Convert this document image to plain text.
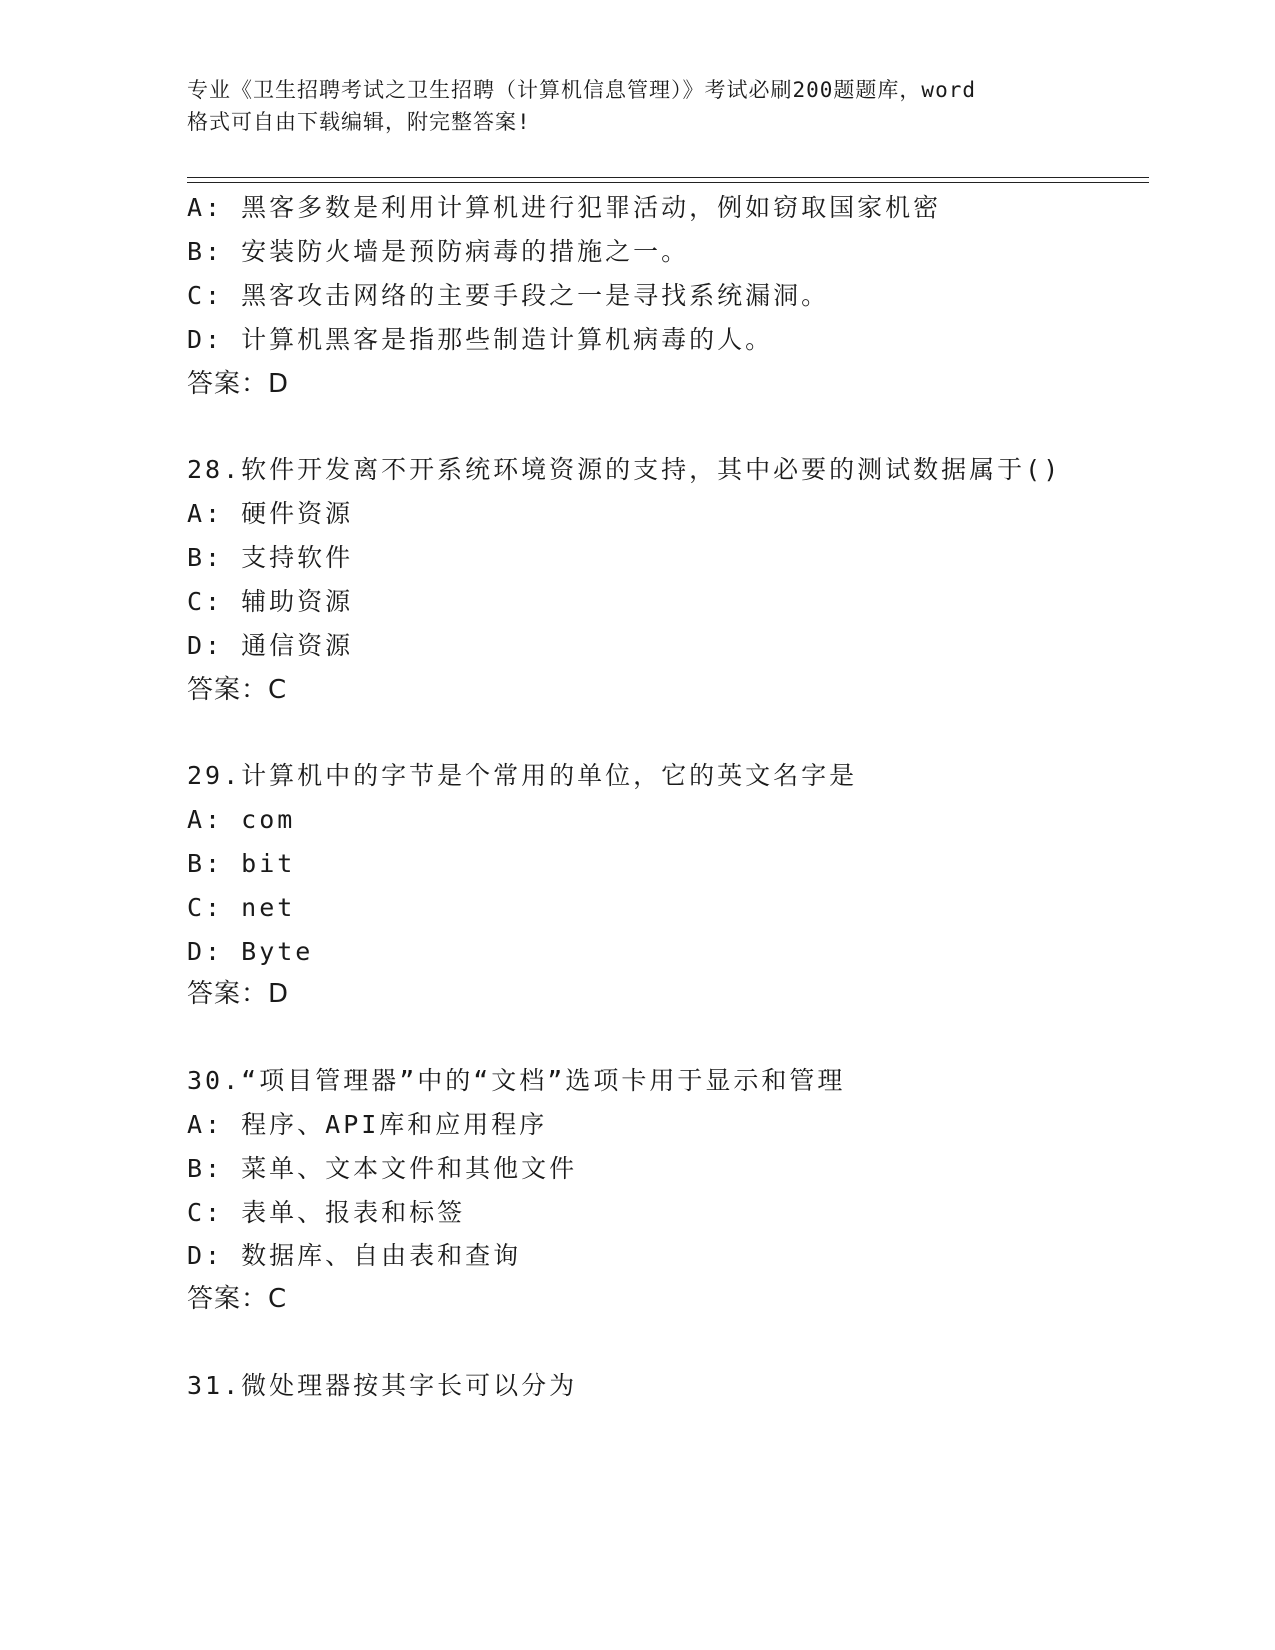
专业《卫生招聘考试之卫生招聘（计算机信息管理）》考试必刷200题题库，word
格式可自由下载编辑，附完整答案!
A: 黑客多数是利用计算机进行犯罪活动，例如窃取国家机密
B: 安装防火墙是预防病毒的措施之一。
C: 黑客攻击网络的主要手段之一是寻找系统漏洞。
D: 计算机黑客是指那些制造计算机病毒的人。
答案：D
28.软件开发离不开系统环境资源的支持，其中必要的测试数据属于()
A: 硬件资源
B: 支持软件
C: 辅助资源
D: 通信资源
答案：C
29.计算机中的字节是个常用的单位，它的英文名字是
A: com
B: bit
C: net
D: Byte
答案：D
30.“项目管理器”中的“文档”选项卡用于显示和管理
A: 程序、API库和应用程序
B: 菜单、文本文件和其他文件
C: 表单、报表和标签
D: 数据库、自由表和查询
答案：C
31.微处理器按其字长可以分为
